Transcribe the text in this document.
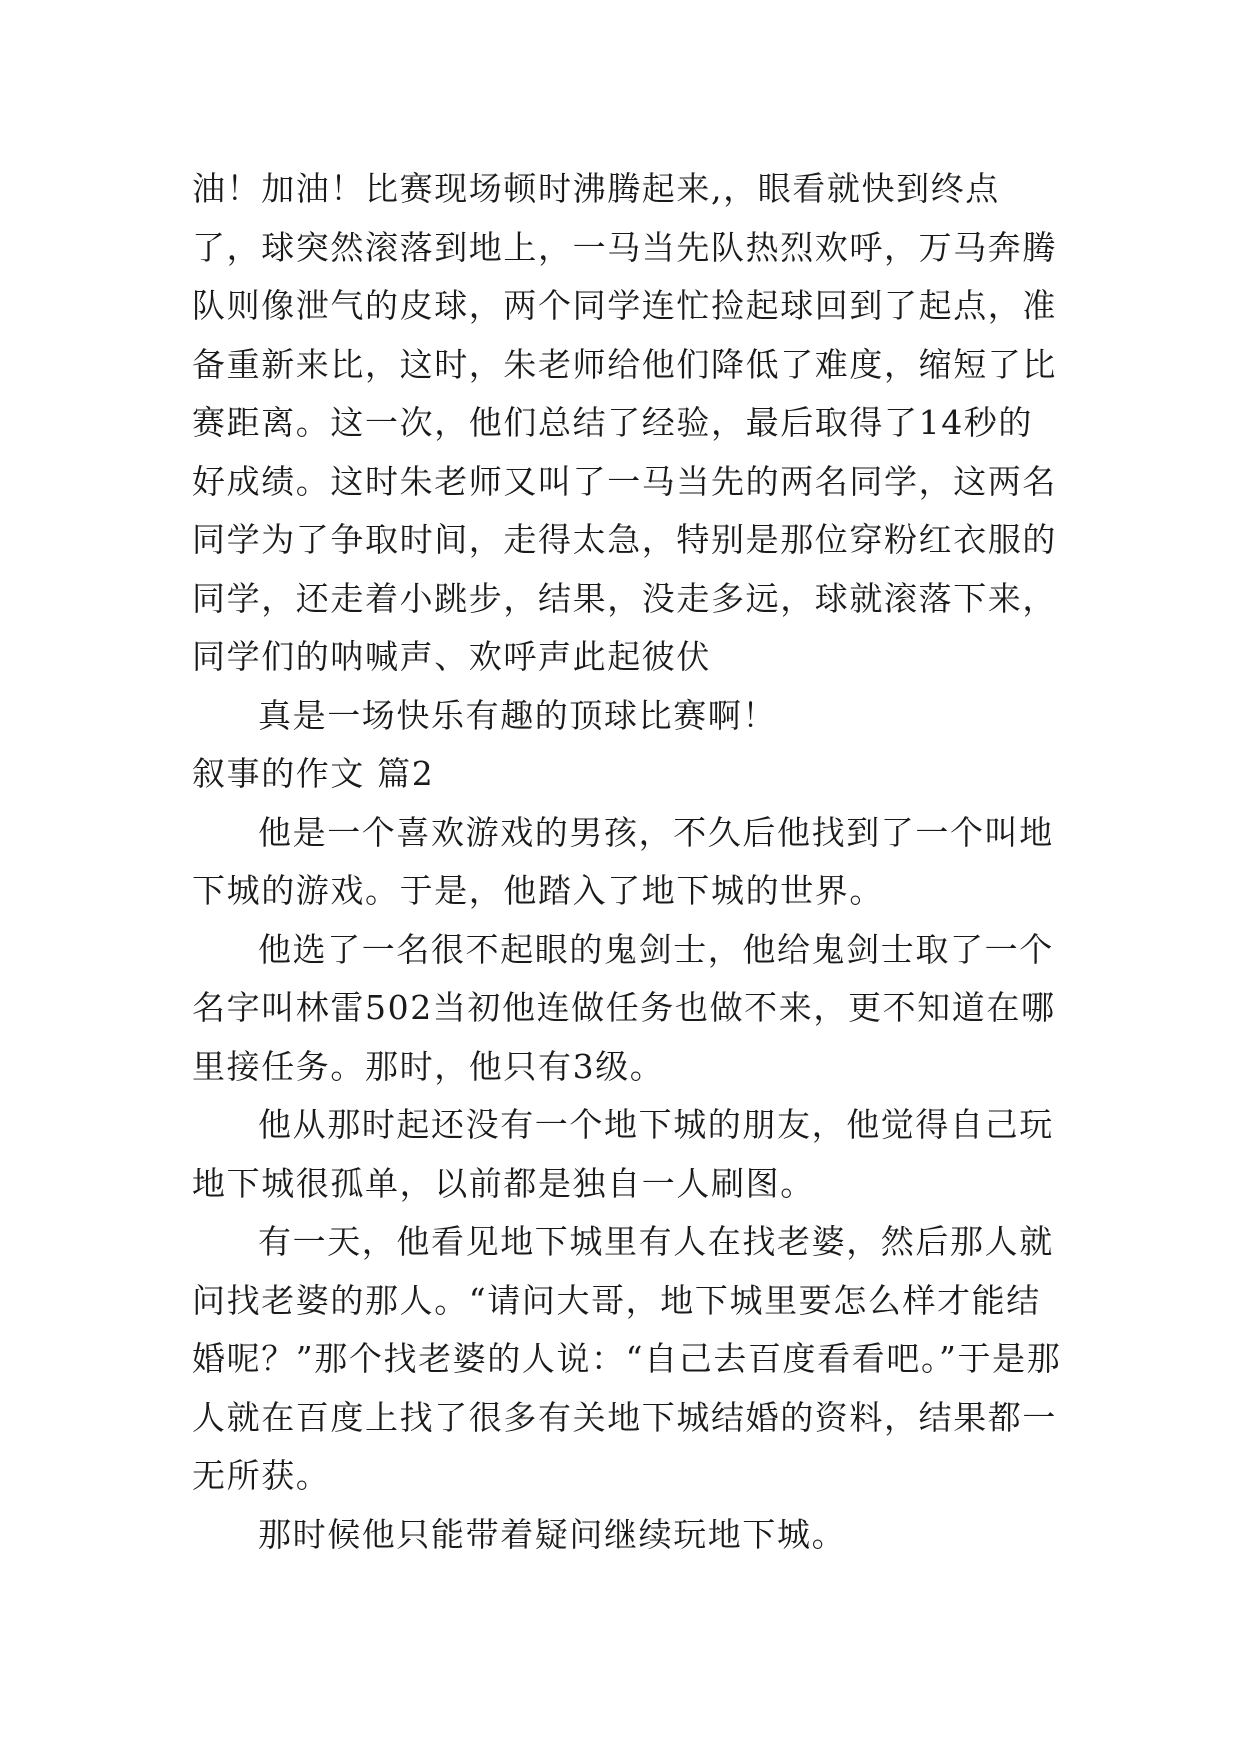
油！加油！比赛现场顿时沸腾起来,，眼看就快到终点了，球突然滚落到地上，一马当先队热烈欢呼，万马奔腾队则像泄气的皮球，两个同学连忙捡起球回到了起点，准备重新来比，这时，朱老师给他们降低了难度，缩短了比赛距离。这一次，他们总结了经验，最后取得了14秒的好成绩。这时朱老师又叫了一马当先的两名同学，这两名同学为了争取时间，走得太急，特别是那位穿粉红衣服的同学，还走着小跳步，结果，没走多远，球就滚落下来，同学们的呐喊声、欢呼声此起彼伏

真是一场快乐有趣的顶球比赛啊！

叙事的作文 篇2

他是一个喜欢游戏的男孩，不久后他找到了一个叫地下城的游戏。于是，他踏入了地下城的世界。

他选了一名很不起眼的鬼剑士，他给鬼剑士取了一个名字叫林雷502当初他连做任务也做不来，更不知道在哪里接任务。那时，他只有3级。

他从那时起还没有一个地下城的朋友，他觉得自己玩地下城很孤单，以前都是独自一人刷图。

有一天，他看见地下城里有人在找老婆，然后那人就问找老婆的那人。“请问大哥，地下城里要怎么样才能结婚呢？”那个找老婆的人说：“自己去百度看看吧。”于是那人就在百度上找了很多有关地下城结婚的资料，结果都一无所获。

那时候他只能带着疑问继续玩地下城。
